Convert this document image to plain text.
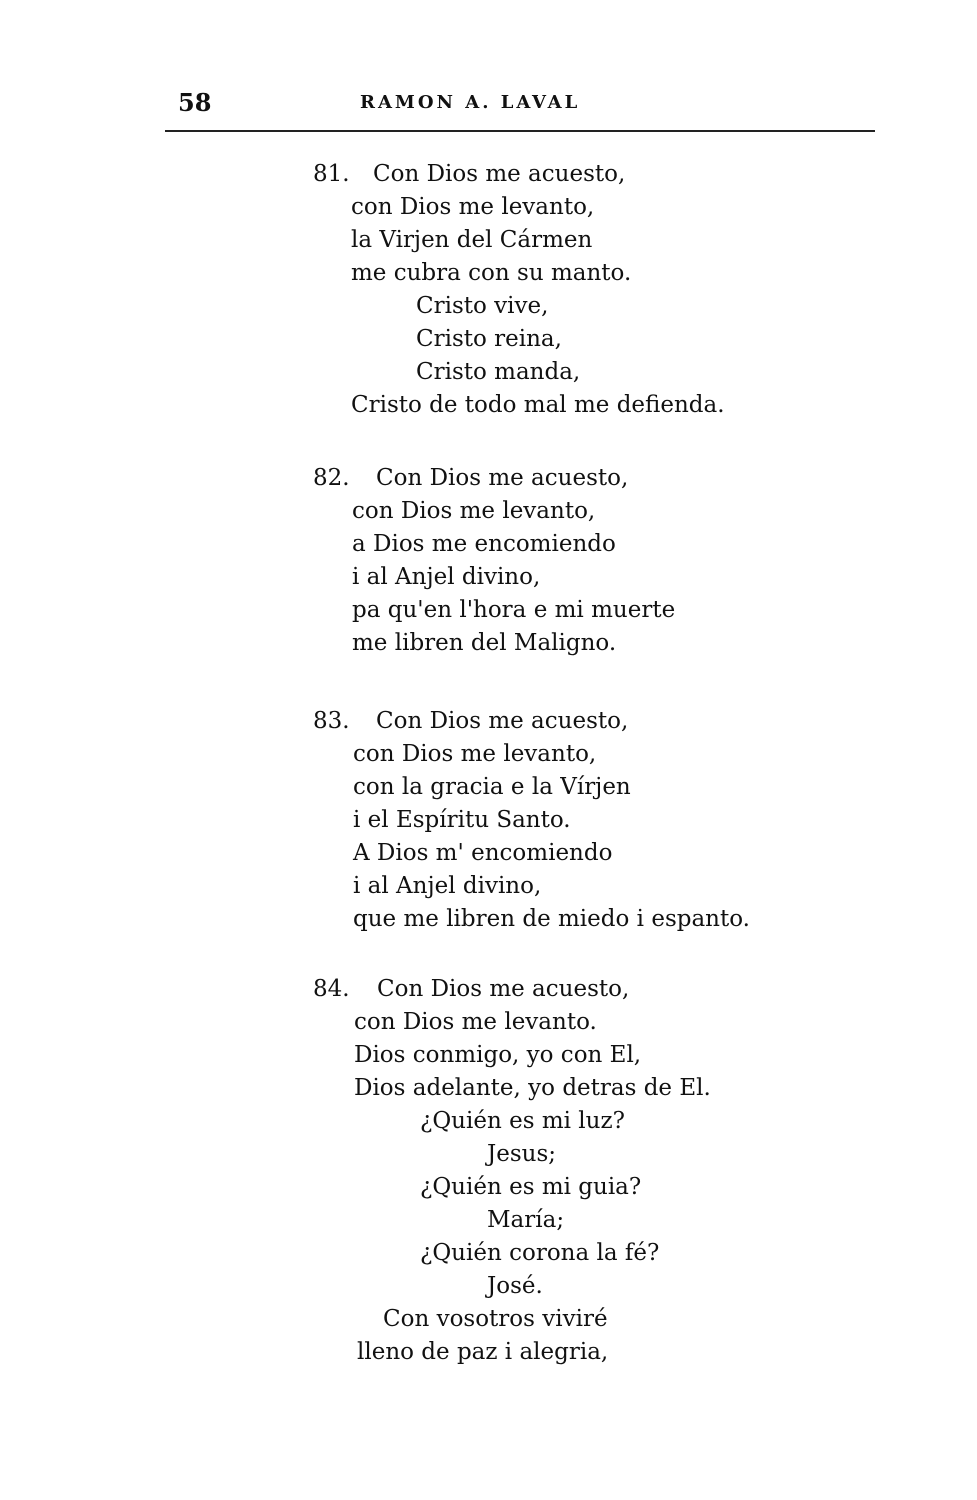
58	RAMON A. LAVAL
81. Con Dios me acuesto,
con Dios me levanto,
la Virjen del Cármen
me cubra con su manto.
Cristo vive,
Cristo reina,
Cristo manda,
Cristo de todo mal me defienda.
82. Con Dios me acuesto,
con Dios me levanto,
a Dios me encomiendo
i al Anjel divino,
pa qu'en l'hora e mi muerte
me libren del Maligno.
83. Con Dios me acuesto,
con Dios me levanto,
con la gracia e la Vírjen
i el Espíritu Santo.
A Dios m' encomiendo
i al Anjel divino,
que me libren de miedo i espanto.
84. Con Dios me acuesto,
con Dios me levanto.
Dios conmigo, yo con El,
Dios adelante, yo detras de El.
¿Quién es mi luz?
Jesus;
¿Quién es mi guia?
María;
¿Quién corona la fé?
José.
Con vosotros viviré
lleno de paz i alegria,
